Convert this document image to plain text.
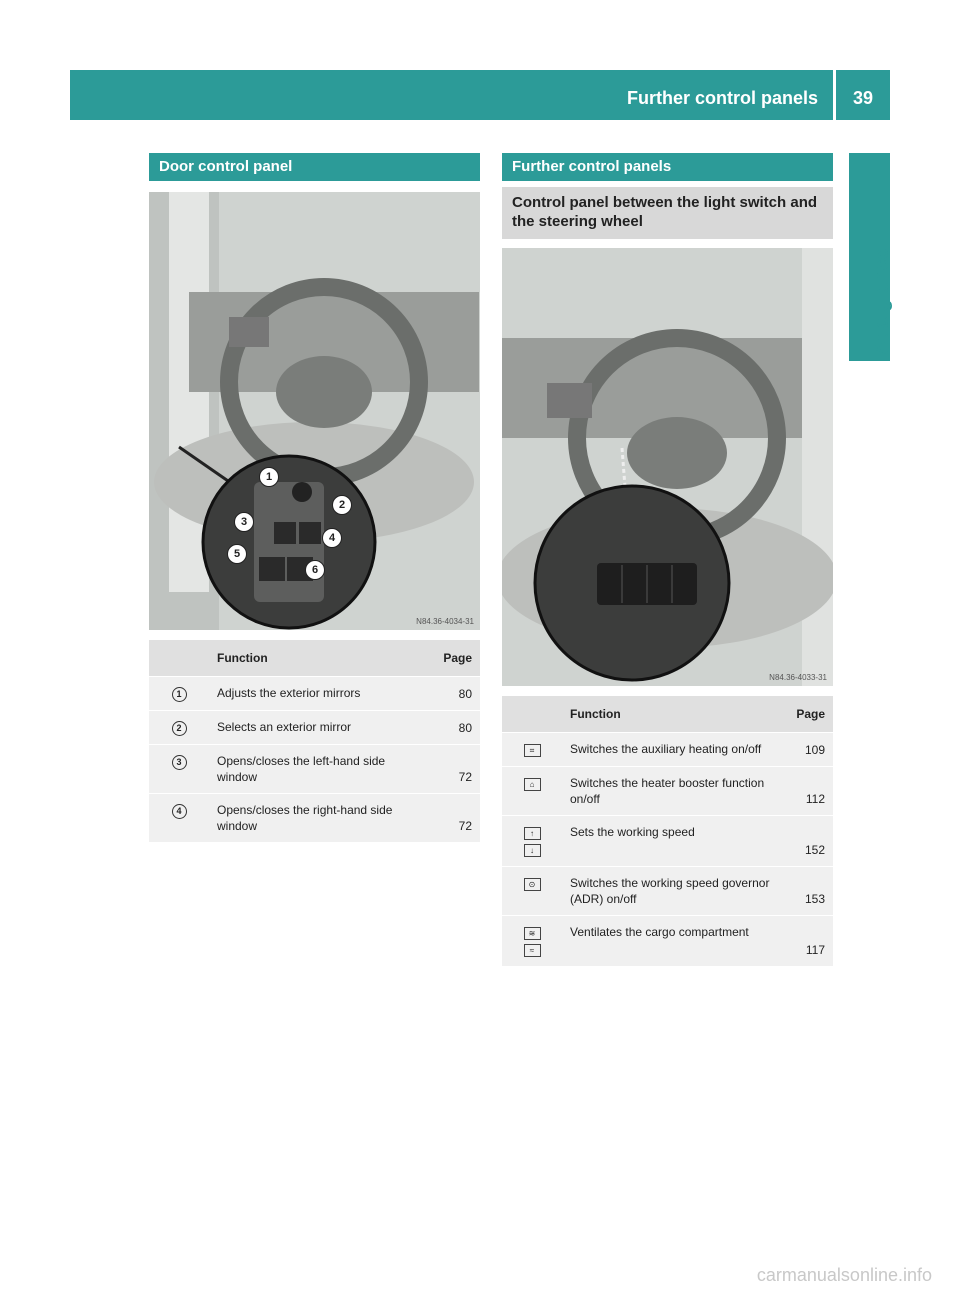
Further control panels	39
At a glance
Door control panel
1
2
3
4
5
6
N84.36-4034-31
	Function	Page
1	Adjusts the exterior mirrors	80
2	Selects an exterior mirror	80
3	Opens/closes the left-hand side window	72
4	Opens/closes the right-hand side window	72
Further control panels
Control panel between the light switch and the steering wheel
N84.36-4033-31
	Function	Page
⌗	Switches the auxiliary heating on/off	109
⌂	Switches the heater booster function on/off	112
↑
↓	Sets the working speed	152
⊙	Switches the working speed governor (ADR) on/off	153
≋
≈	Ventilates the cargo compartment	117
carmanualsonline.info
